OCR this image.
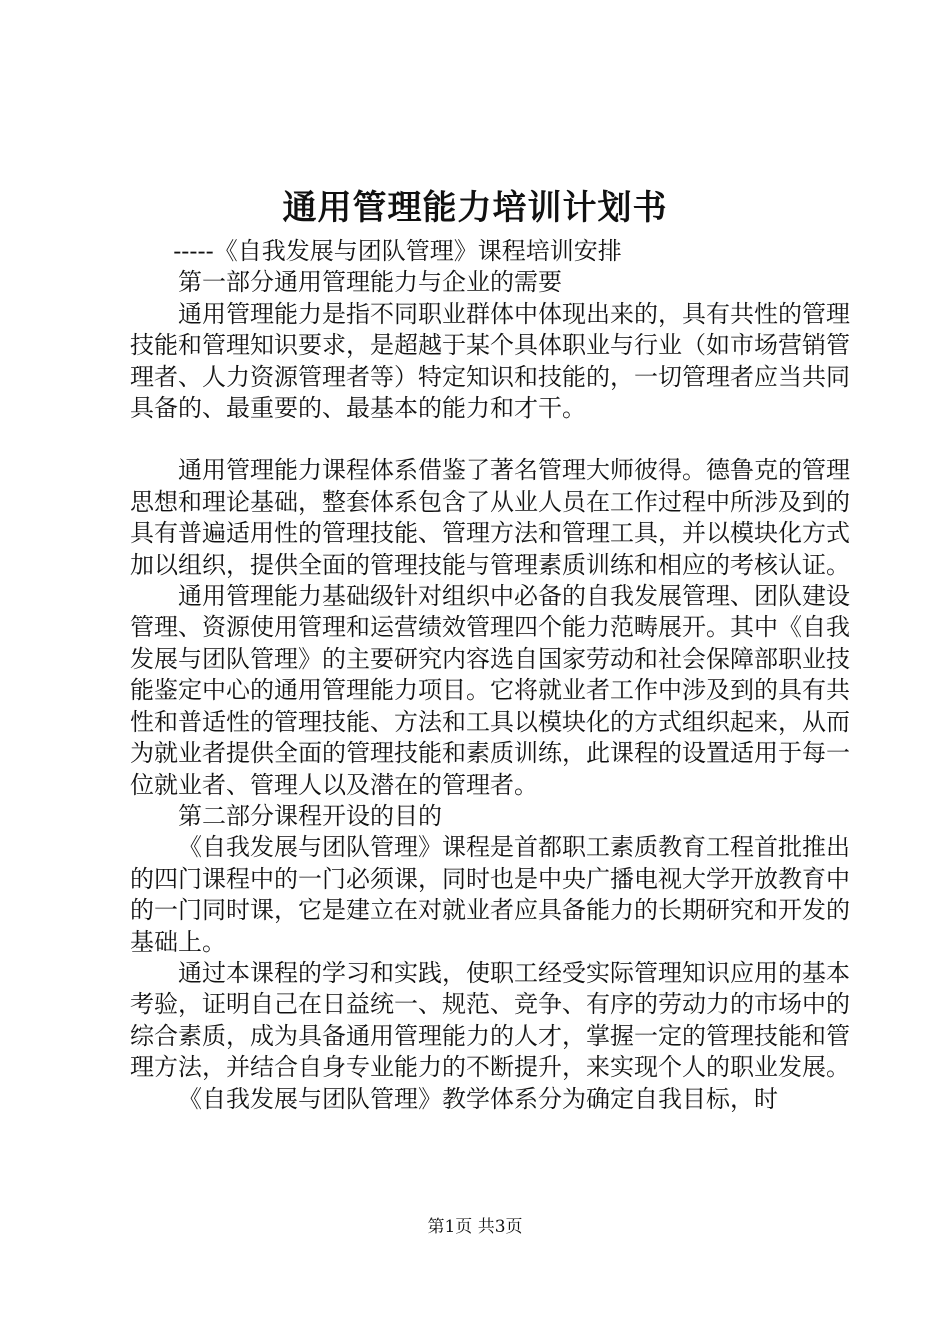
通用管理能力培训计划书

-----《自我发展与团队管理》课程培训安排

第一部分通用管理能力与企业的需要

通用管理能力是指不同职业群体中体现出来的，具有共性的管理技能和管理知识要求，是超越于某个具体职业与行业（如市场营销管理者、人力资源管理者等）特定知识和技能的，一切管理者应当共同具备的、最重要的、最基本的能力和才干。

通用管理能力课程体系借鉴了著名管理大师彼得。德鲁克的管理思想和理论基础，整套体系包含了从业人员在工作过程中所涉及到的具有普遍适用性的管理技能、管理方法和管理工具，并以模块化方式加以组织，提供全面的管理技能与管理素质训练和相应的考核认证。

通用管理能力基础级针对组织中必备的自我发展管理、团队建设管理、资源使用管理和运营绩效管理四个能力范畴展开。其中《自我发展与团队管理》的主要研究内容选自国家劳动和社会保障部职业技能鉴定中心的通用管理能力项目。它将就业者工作中涉及到的具有共性和普适性的管理技能、方法和工具以模块化的方式组织起来，从而为就业者提供全面的管理技能和素质训练，此课程的设置适用于每一位就业者、管理人以及潜在的管理者。

第二部分课程开设的目的

《自我发展与团队管理》课程是首都职工素质教育工程首批推出的四门课程中的一门必须课，同时也是中央广播电视大学开放教育中的一门同时课，它是建立在对就业者应具备能力的长期研究和开发的基础上。

通过本课程的学习和实践，使职工经受实际管理知识应用的基本考验，证明自己在日益统一、规范、竞争、有序的劳动力的市场中的综合素质，成为具备通用管理能力的人才，掌握一定的管理技能和管理方法，并结合自身专业能力的不断提升，来实现个人的职业发展。

《自我发展与团队管理》教学体系分为确定自我目标，时

第1页 共3页
